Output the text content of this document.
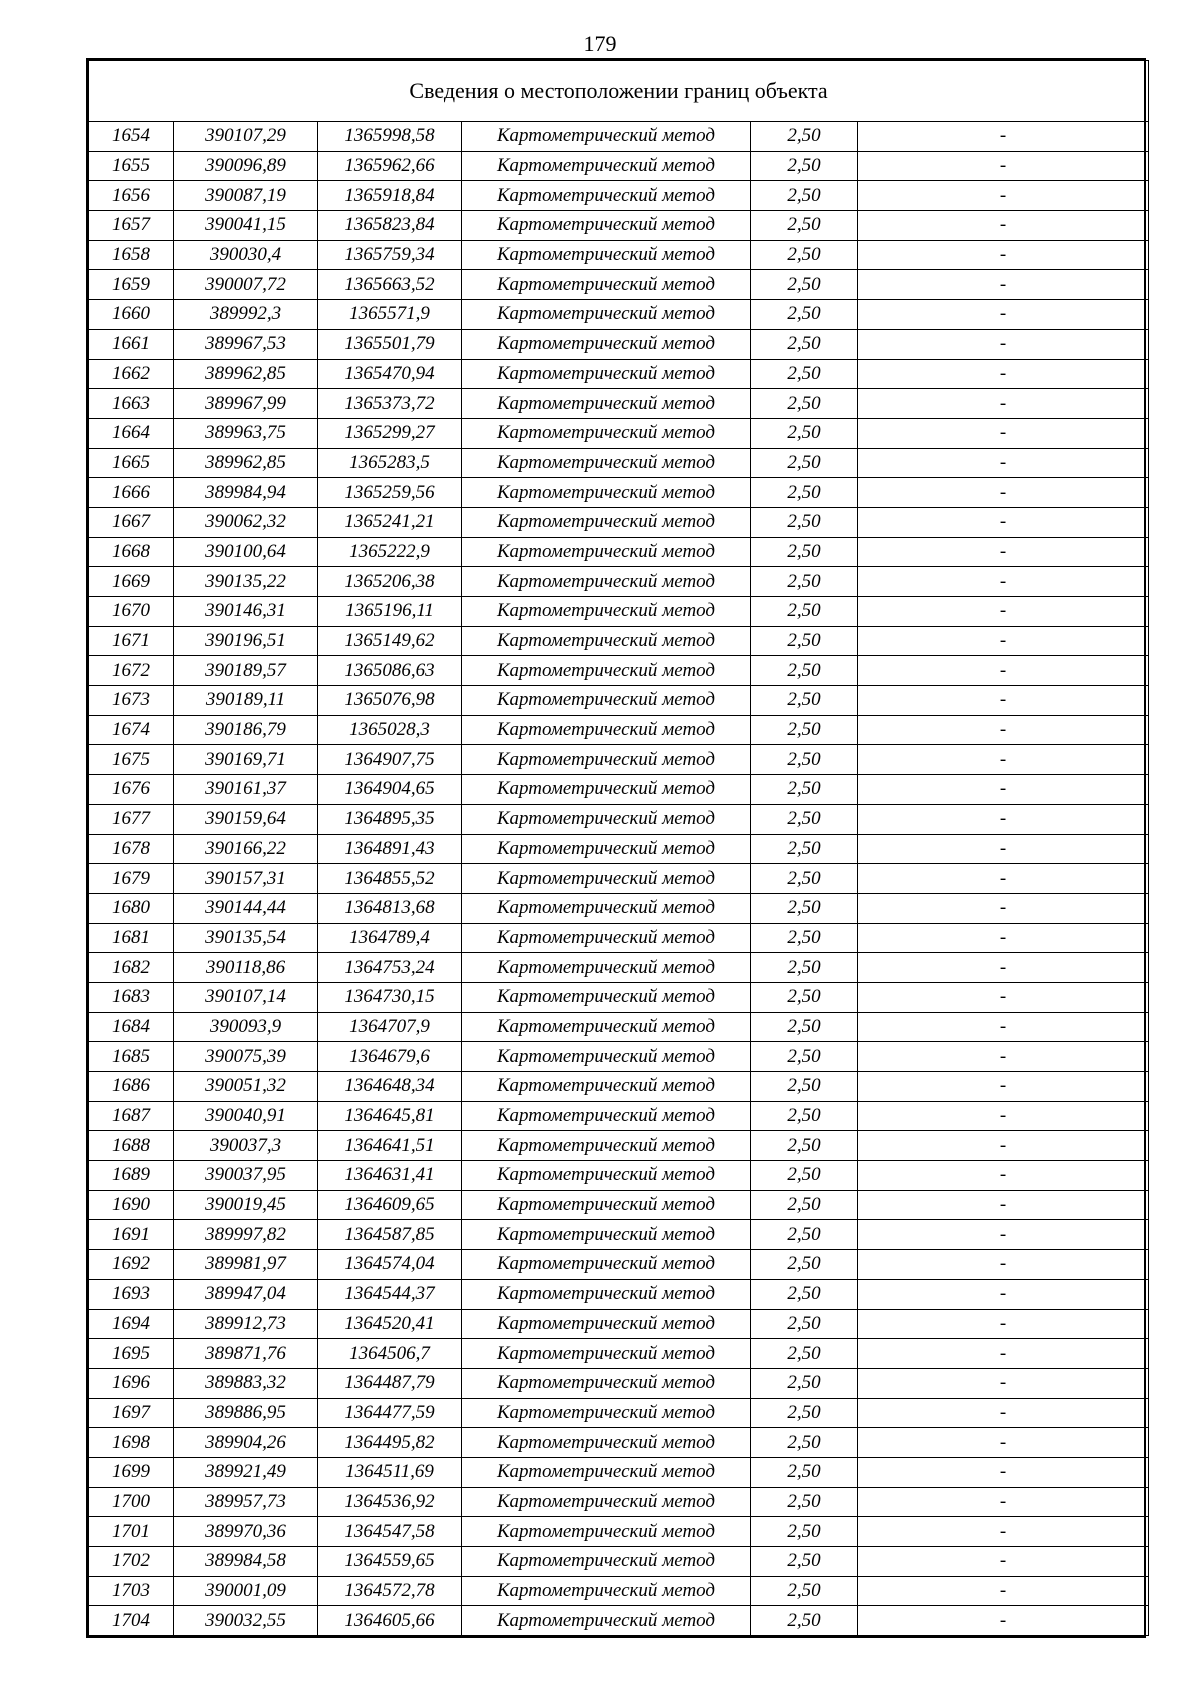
179
Сведения о местоположении границ объекта					
1654	390107,29	1365998,58	Картометрический метод	2,50	-
1655	390096,89	1365962,66	Картометрический метод	2,50	-
1656	390087,19	1365918,84	Картометрический метод	2,50	-
1657	390041,15	1365823,84	Картометрический метод	2,50	-
1658	390030,4	1365759,34	Картометрический метод	2,50	-
1659	390007,72	1365663,52	Картометрический метод	2,50	-
1660	389992,3	1365571,9	Картометрический метод	2,50	-
1661	389967,53	1365501,79	Картометрический метод	2,50	-
1662	389962,85	1365470,94	Картометрический метод	2,50	-
1663	389967,99	1365373,72	Картометрический метод	2,50	-
1664	389963,75	1365299,27	Картометрический метод	2,50	-
1665	389962,85	1365283,5	Картометрический метод	2,50	-
1666	389984,94	1365259,56	Картометрический метод	2,50	-
1667	390062,32	1365241,21	Картометрический метод	2,50	-
1668	390100,64	1365222,9	Картометрический метод	2,50	-
1669	390135,22	1365206,38	Картометрический метод	2,50	-
1670	390146,31	1365196,11	Картометрический метод	2,50	-
1671	390196,51	1365149,62	Картометрический метод	2,50	-
1672	390189,57	1365086,63	Картометрический метод	2,50	-
1673	390189,11	1365076,98	Картометрический метод	2,50	-
1674	390186,79	1365028,3	Картометрический метод	2,50	-
1675	390169,71	1364907,75	Картометрический метод	2,50	-
1676	390161,37	1364904,65	Картометрический метод	2,50	-
1677	390159,64	1364895,35	Картометрический метод	2,50	-
1678	390166,22	1364891,43	Картометрический метод	2,50	-
1679	390157,31	1364855,52	Картометрический метод	2,50	-
1680	390144,44	1364813,68	Картометрический метод	2,50	-
1681	390135,54	1364789,4	Картометрический метод	2,50	-
1682	390118,86	1364753,24	Картометрический метод	2,50	-
1683	390107,14	1364730,15	Картометрический метод	2,50	-
1684	390093,9	1364707,9	Картометрический метод	2,50	-
1685	390075,39	1364679,6	Картометрический метод	2,50	-
1686	390051,32	1364648,34	Картометрический метод	2,50	-
1687	390040,91	1364645,81	Картометрический метод	2,50	-
1688	390037,3	1364641,51	Картометрический метод	2,50	-
1689	390037,95	1364631,41	Картометрический метод	2,50	-
1690	390019,45	1364609,65	Картометрический метод	2,50	-
1691	389997,82	1364587,85	Картометрический метод	2,50	-
1692	389981,97	1364574,04	Картометрический метод	2,50	-
1693	389947,04	1364544,37	Картометрический метод	2,50	-
1694	389912,73	1364520,41	Картометрический метод	2,50	-
1695	389871,76	1364506,7	Картометрический метод	2,50	-
1696	389883,32	1364487,79	Картометрический метод	2,50	-
1697	389886,95	1364477,59	Картометрический метод	2,50	-
1698	389904,26	1364495,82	Картометрический метод	2,50	-
1699	389921,49	1364511,69	Картометрический метод	2,50	-
1700	389957,73	1364536,92	Картометрический метод	2,50	-
1701	389970,36	1364547,58	Картометрический метод	2,50	-
1702	389984,58	1364559,65	Картометрический метод	2,50	-
1703	390001,09	1364572,78	Картометрический метод	2,50	-
1704	390032,55	1364605,66	Картометрический метод	2,50	-
